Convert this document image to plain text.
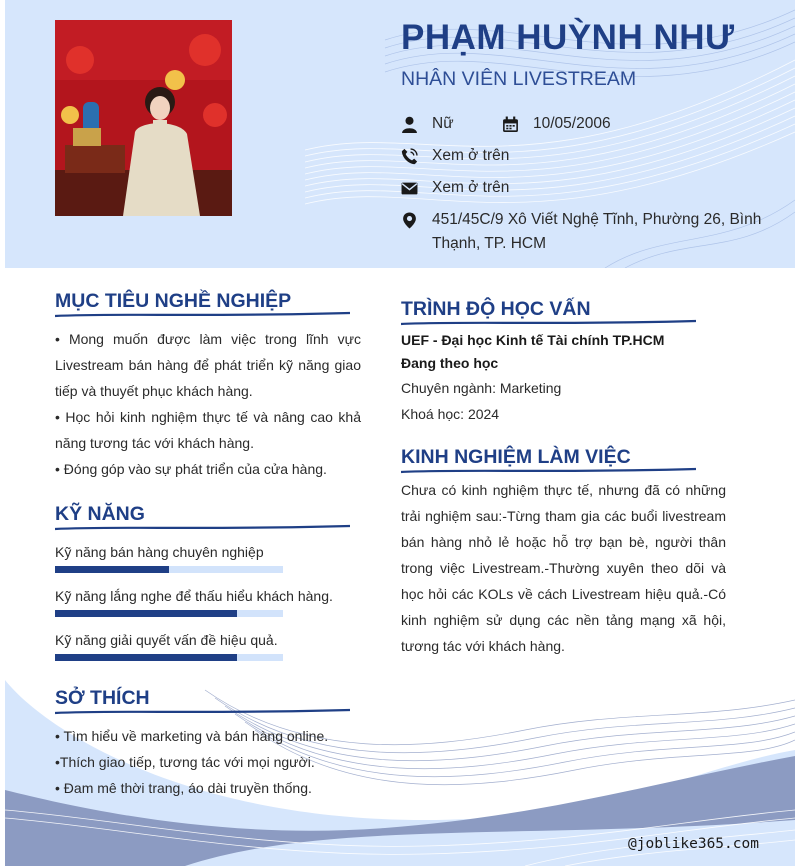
PHẠM HUỲNH NHƯ
NHÂN VIÊN LIVESTREAM
Nữ	10/05/2006
Xem ở trên
Xem ở trên
451/45C/9 Xô Viết Nghệ Tĩnh, Phường 26, Bình Thạnh, TP. HCM
MỤC TIÊU NGHỀ NGHIỆP

• Mong muốn được làm việc trong lĩnh vực Livestream bán hàng để phát triển kỹ năng giao tiếp và thuyết phục khách hàng.

• Học hỏi kinh nghiệm thực tế và nâng cao khả năng tương tác với khách hàng.

• Đóng góp vào sự phát triển của cửa hàng.

KỸ NĂNG
Kỹ năng bán hàng chuyên nghiệp
Kỹ năng lắng nghe để thấu hiểu khách hàng.
Kỹ năng giải quyết vấn đề hiệu quả.
SỞ THÍCH
• Tìm hiểu về marketing và bán hàng online.
•Thích giao tiếp, tương tác với mọi người.
• Đam mê thời trang, áo dài truyền thống.
TRÌNH ĐỘ HỌC VẤN
UEF - Đại học Kinh tế Tài chính TP.HCM
Đang theo học
Chuyên ngành: Marketing
Khoá học: 2024
KINH NGHIỆM LÀM VIỆC
Chưa có kinh nghiệm thực tế, nhưng đã có những trải nghiệm sau:-Từng tham gia các buổi livestream bán hàng nhỏ lẻ hoặc hỗ trợ bạn bè, người thân trong việc Livestream.-Thường xuyên theo dõi và học hỏi các KOLs về cách Livestream hiệu quả.-Có kinh nghiệm sử dụng các nền tảng mạng xã hội, tương tác với khách hàng.
@joblike365.com
